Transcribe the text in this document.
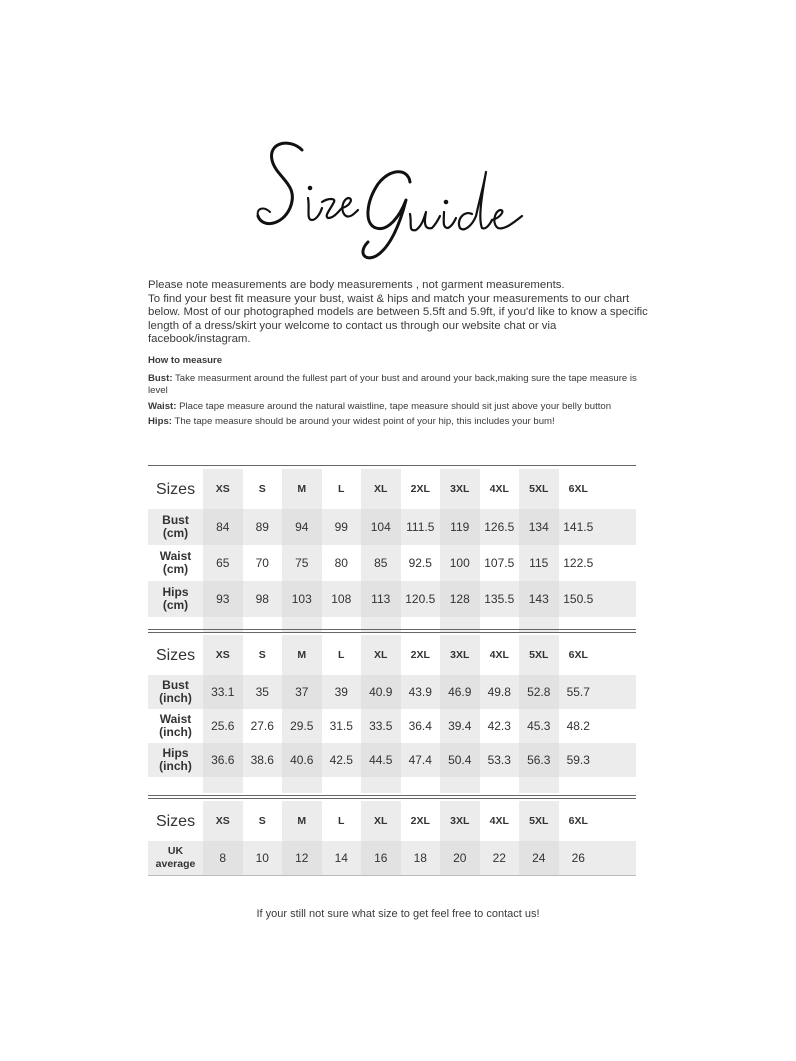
Please note measurements are body measurements , not garment measurements.

To find your best fit measure your bust, waist & hips and match your measurements to our chart below. Most of our photographed models are between 5.5ft and 5.9ft, if you'd like to know a specific length of a dress/skirt your welcome to contact us through our website chat or via facebook/instagram.

How to measure
Bust: Take measurment around the fullest part of your bust and around your back,making sure the tape measure is level
Waist: Place tape measure around the natural waistline, tape measure should sit just above your belly button
Hips: The tape measure should be around your widest point of your hip, this includes your bum!
Sizes	XS	S	M	L	XL	2XL	3XL	4XL	5XL	6XL
Bust
(cm)	84	89	94	99	104	111.5	119	126.5	134	141.5
Waist
(cm)	65	70	75	80	85	92.5	100	107.5	115	122.5
Hips
(cm)	93	98	103	108	113	120.5	128	135.5	143	150.5
Sizes	XS	S	M	L	XL	2XL	3XL	4XL	5XL	6XL
Bust
(inch)	33.1	35	37	39	40.9	43.9	46.9	49.8	52.8	55.7
Waist
(inch)	25.6	27.6	29.5	31.5	33.5	36.4	39.4	42.3	45.3	48.2
Hips
(inch)	36.6	38.6	40.6	42.5	44.5	47.4	50.4	53.3	56.3	59.3
Sizes	XS	S	M	L	XL	2XL	3XL	4XL	5XL	6XL
UK
average	8	10	12	14	16	18	20	22	24	26
If your still not sure what size to get feel free to contact us!
